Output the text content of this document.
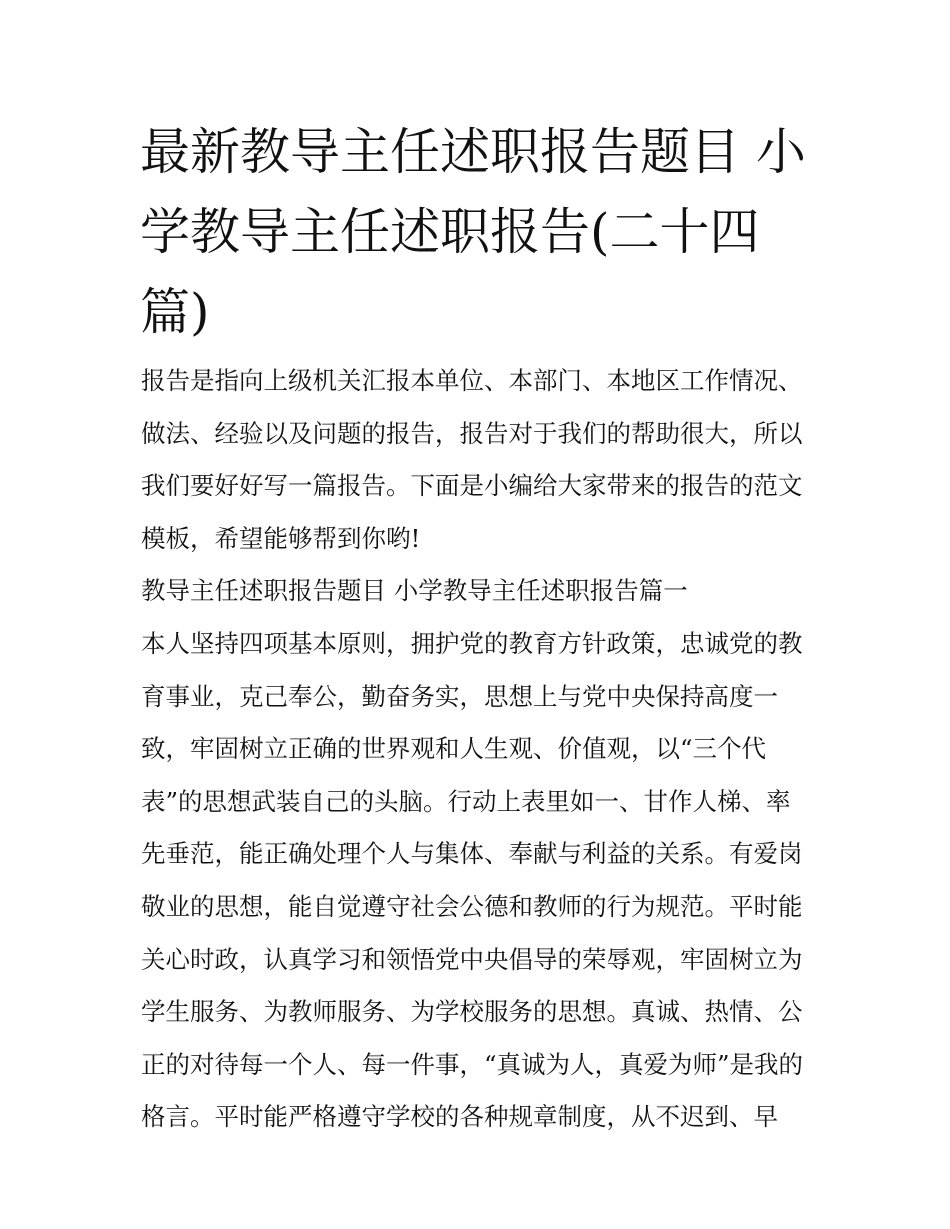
最新教导主任述职报告题目 小学教导主任述职报告(二十四篇)

报告是指向上级机关汇报本单位、本部门、本地区工作情况、

做法、经验以及问题的报告，报告对于我们的帮助很大，所以

我们要好好写一篇报告。下面是小编给大家带来的报告的范文

模板，希望能够帮到你哟!

教导主任述职报告题目 小学教导主任述职报告篇一

本人坚持四项基本原则，拥护党的教育方针政策，忠诚党的教

育事业，克己奉公，勤奋务实，思想上与党中央保持高度一

致，牢固树立正确的世界观和人生观、价值观，以“三个代

表”的思想武装自己的头脑。行动上表里如一、甘作人梯、率

先垂范，能正确处理个人与集体、奉献与利益的关系。有爱岗

敬业的思想，能自觉遵守社会公德和教师的行为规范。平时能

关心时政，认真学习和领悟党中央倡导的荣辱观，牢固树立为

学生服务、为教师服务、为学校服务的思想。真诚、热情、公

正的对待每一个人、每一件事，“真诚为人，真爱为师”是我的

格言。平时能严格遵守学校的各种规章制度，从不迟到、早
